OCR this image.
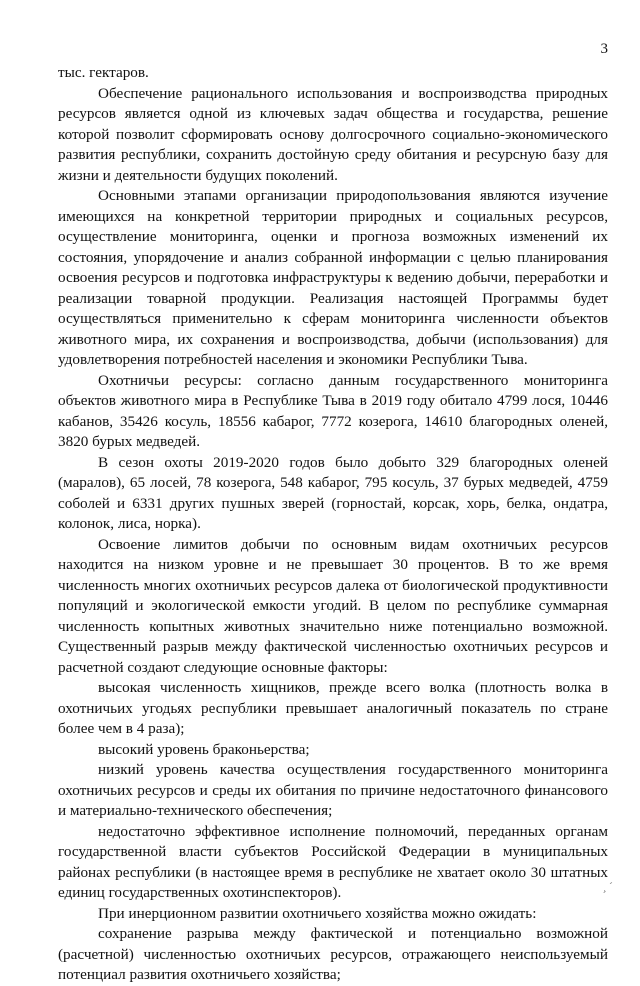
3

тыс. гектаров.

Обеспечение рационального использования и воспроизводства природных ресурсов является одной из ключевых задач общества и государства, решение которой позволит сформировать основу долгосрочного социально-экономического развития республики, сохранить достойную среду обитания и ресурсную базу для жизни и деятельности будущих поколений.

Основными этапами организации природопользования являются изучение имеющихся на конкретной территории природных и социальных ресурсов, осуществление мониторинга, оценки и прогноза возможных изменений их состояния, упорядочение и анализ собранной информации с целью планирования освоения ресурсов и подготовка инфраструктуры к ведению добычи, переработки и реализации товарной продукции. Реализация настоящей Программы будет осуществляться применительно к сферам мониторинга численности объектов животного мира, их сохранения и воспроизводства, добычи (использования) для удовлетворения потребностей населения и экономики Республики Тыва.

Охотничьи ресурсы: согласно данным государственного мониторинга объектов животного мира в Республике Тыва в 2019 году обитало 4799 лося, 10446 кабанов, 35426 косуль, 18556 кабарог, 7772 козерога, 14610 благородных оленей, 3820 бурых медведей.

В сезон охоты 2019-2020 годов было добыто 329 благородных оленей (маралов), 65 лосей, 78 козерога, 548 кабарог, 795 косуль, 37 бурых медведей, 4759 соболей и 6331 других пушных зверей (горностай, корсак, хорь, белка, ондатра, колонок, лиса, норка).

Освоение лимитов добычи по основным видам охотничьих ресурсов находится на низком уровне и не превышает 30 процентов. В то же время численность многих охотничьих ресурсов далека от биологической продуктивности популяций и экологической емкости угодий. В целом по республике суммарная численность копытных животных значительно ниже потенциально возможной. Существенный разрыв между фактической численностью охотничьих ресурсов и расчетной создают следующие основные факторы:

высокая численность хищников, прежде всего волка (плотность волка в охотничьих угодьях республики превышает аналогичный показатель по стране более чем в 4 раза);

высокий уровень браконьерства;

низкий уровень качества осуществления государственного мониторинга охотничьих ресурсов и среды их обитания по причине недостаточного финансового и материально-технического обеспечения;

недостаточно эффективное исполнение полномочий, переданных органам государственной власти субъектов Российской Федерации в муниципальных районах республики (в настоящее время в республике не хватает около 30 штатных единиц государственных охотинспекторов).

При инерционном развитии охотничьего хозяйства можно ожидать:

сохранение разрыва между фактической и потенциально возможной (расчетной) численностью охотничьих ресурсов, отражающего неиспользуемый потенциал развития охотничьего хозяйства;

¸ ´
